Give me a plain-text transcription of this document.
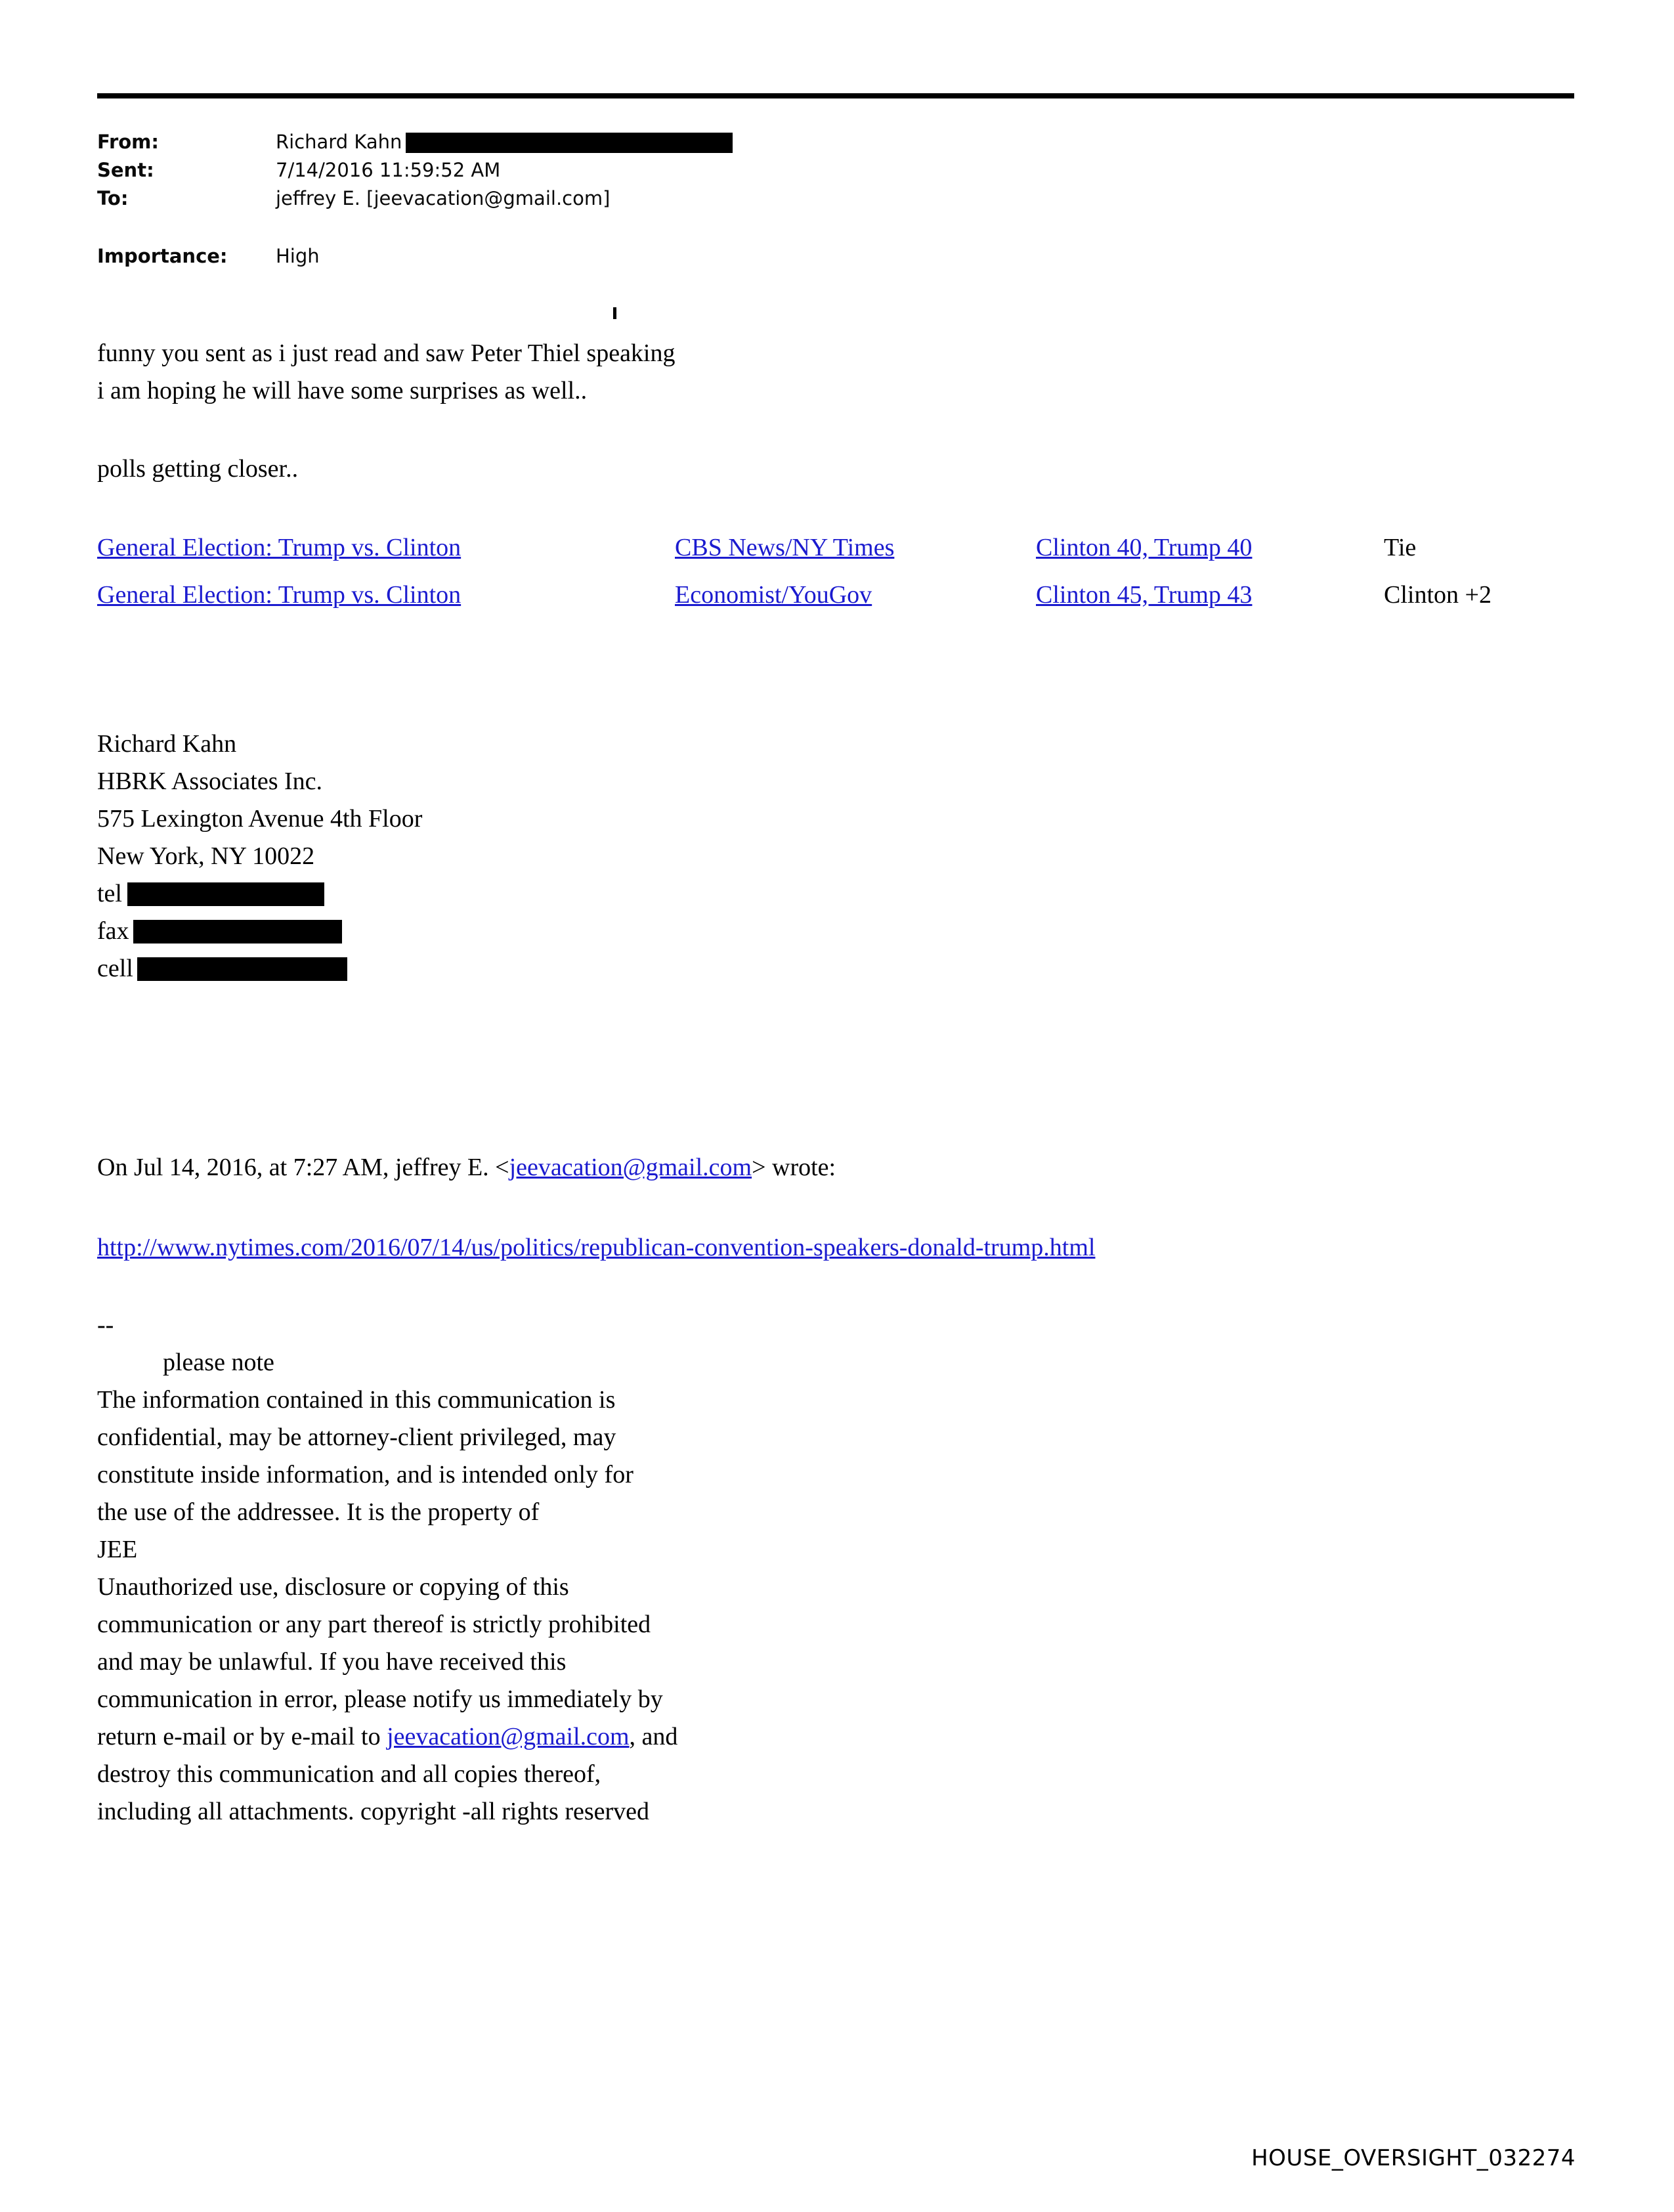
From:	Richard Kahn
Sent:	7/14/2016 11:59:52 AM
To:	jeffrey E. [jeevacation@gmail.com]
Importance:	High
funny you sent as i just read and saw Peter Thiel speaking
i am hoping he will have some surprises as well..
polls getting closer..
General Election: Trump vs. Clinton	CBS News/NY Times	Clinton 40, Trump 40	Tie
General Election: Trump vs. Clinton	Economist/YouGov	Clinton 45, Trump 43	Clinton +2
Richard Kahn
HBRK Associates Inc.
575 Lexington Avenue 4th Floor
New York, NY 10022
tel
fax
cell
On Jul 14, 2016, at 7:27 AM, jeffrey E. <jeevacation@gmail.com> wrote:
http://www.nytimes.com/2016/07/14/us/politics/republican-convention-speakers-donald-trump.html
--
please note
The information contained in this communication is
confidential, may be attorney-client privileged, may
constitute inside information, and is intended only for
the use of the addressee. It is the property of
JEE
Unauthorized use, disclosure or copying of this
communication or any part thereof is strictly prohibited
and may be unlawful. If you have received this
communication in error, please notify us immediately by
return e-mail or by e-mail to jeevacation@gmail.com, and
destroy this communication and all copies thereof,
including all attachments. copyright -all rights reserved
HOUSE_OVERSIGHT_032274
